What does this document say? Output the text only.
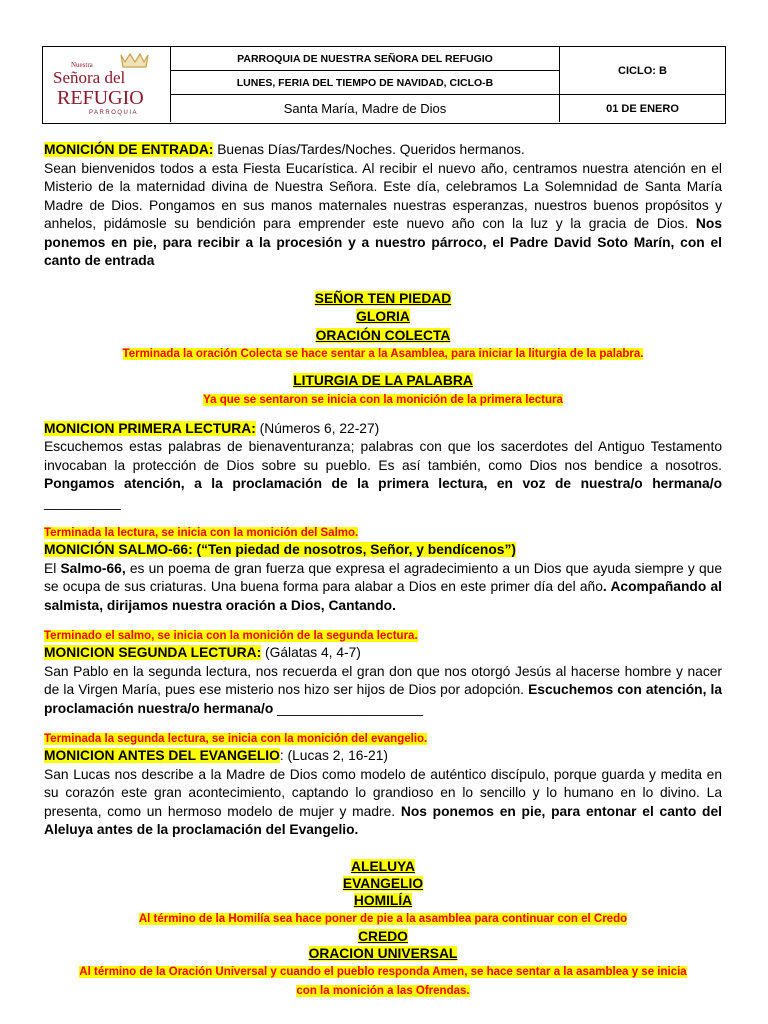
Nuestra
Señora del
REFUGIO
PARROQUIA
PARROQUIA DE NUESTRA SEÑORA DEL REFUGIO
LUNES, FERIA DEL TIEMPO DE NAVIDAD, CICLO-B
Santa María, Madre de Dios
CICLO: B
01 DE ENERO

MONICIÓN DE ENTRADA: Buenas Días/Tardes/Noches. Queridos hermanos.

Sean bienvenidos todos a esta Fiesta Eucarística. Al recibir el nuevo año, centramos nuestra atención en el Misterio de la maternidad divina de Nuestra Señora. Este día, celebramos La Solemnidad de Santa María Madre de Dios. Pongamos en sus manos maternales nuestras esperanzas, nuestros buenos propósitos y anhelos, pidámosle su bendición para emprender este nuevo año con la luz y la gracia de Dios. Nos ponemos en pie, para recibir a la procesión y a nuestro párroco, el Padre David Soto Marín, con el canto de entrada

SEÑOR TEN PIEDAD

GLORIA

ORACIÓN COLECTA

Terminada la oración Colecta se hace sentar a la Asamblea, para iniciar la liturgia de la palabra.

LITURGIA DE LA PALABRA

Ya que se sentaron se inicia con la monición de la primera lectura

MONICION PRIMERA LECTURA: (Números 6, 22-27)

Escuchemos estas palabras de bienaventuranza; palabras con que los sacerdotes del Antiguo Testamento invocaban la protección de Dios sobre su pueblo. Es así también, como Dios nos bendice a nosotros. Pongamos atención, a la proclamación de la primera lectura, en voz de nuestra/o hermana/o __________

Terminada la lectura, se inicia con la monición del Salmo.

MONICIÓN SALMO-66: (“Ten piedad de nosotros, Señor, y bendícenos”)

El Salmo-66, es un poema de gran fuerza que expresa el agradecimiento a un Dios que ayuda siempre y que se ocupa de sus criaturas. Una buena forma para alabar a Dios en este primer día del año. Acompañando al salmista, dirijamos nuestra oración a Dios, Cantando.

Terminado el salmo, se inicia con la monición de la segunda lectura.

MONICION SEGUNDA LECTURA: (Gálatas 4, 4-7)

San Pablo en la segunda lectura, nos recuerda el gran don que nos otorgó Jesús al hacerse hombre y nacer de la Virgen María, pues ese misterio nos hizo ser hijos de Dios por adopción. Escuchemos con atención, la proclamación nuestra/o hermana/o ___________________

Terminada la segunda lectura, se inicia con la monición del evangelio.

MONICION ANTES DEL EVANGELIO: (Lucas 2, 16-21)

San Lucas nos describe a la Madre de Dios como modelo de auténtico discípulo, porque guarda y medita en su corazón este gran acontecimiento, captando lo grandioso en lo sencillo y lo humano en lo divino. La presenta, como un hermoso modelo de mujer y madre. Nos ponemos en pie, para entonar el canto del Aleluya antes de la proclamación del Evangelio.

ALELUYA

EVANGELIO

HOMILÍA

Al término de la Homilía sea hace poner de pie a la asamblea para continuar con el Credo

CREDO

ORACION UNIVERSAL

Al término de la Oración Universal y cuando el pueblo responda Amen, se hace sentar a la asamblea y se inicia

con la monición a las Ofrendas.
